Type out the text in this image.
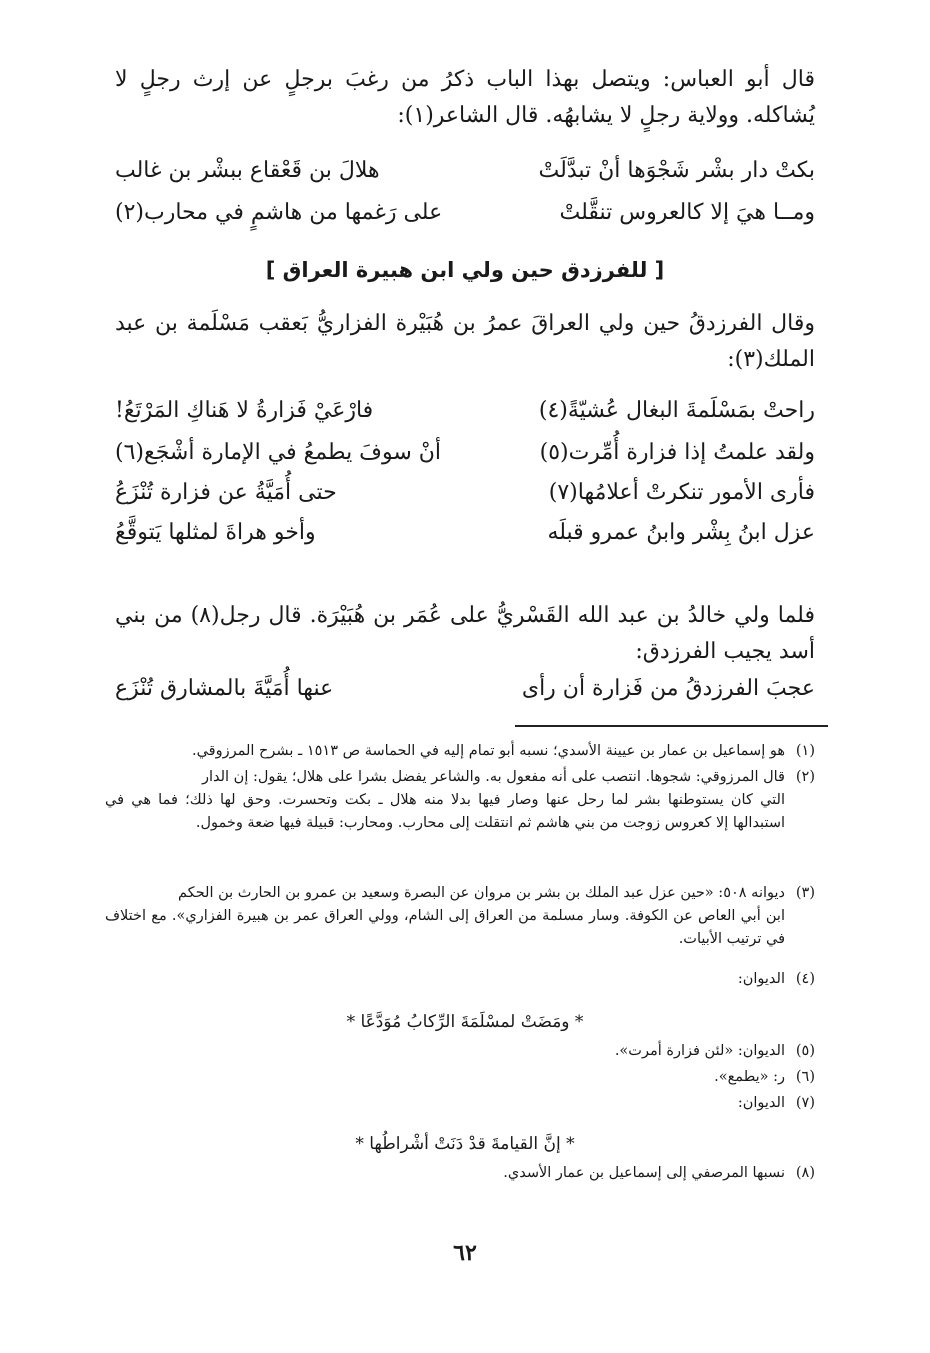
قال أبو العباس: ويتصل بهذا الباب ذكرُ من رغبَ برجلٍ عن إرث رجلٍ لا يُشاكله. وولاية رجلٍ لا يشابهُه. قال الشاعر(١):
بكتْ دار بشْر شَجْوَها أنْ تبدَّلَتْ
هلالَ بن قَعْقاع ببشْر بن غالب
ومــا هيَ إلا كالعروس تنقَّلتْ
على رَغمها من هاشمٍ في محارب(٢)
[ للفرزدق حين ولي ابن هبيرة العراق ]
وقال الفرزدقُ حين ولي العراقَ عمرُ بن هُبَيْرة الفزاريُّ بَعقب مَسْلَمة بن عبد الملك(٣):
راحتْ بمَسْلَمةَ البغال عُشيّةً(٤)
فارْعَيْ فَزارةُ لا هَناكِ المَرْتَعُ!
ولقد علمتُ إذا فزارة أُمِّرت(٥)
أنْ سوفَ يطمعُ في الإمارة أشْجَع(٦)
فأرى الأمور تنكرتْ أعلامُها(٧)
حتى أُمَيَّةُ عن فزارة تُنْزَعُ
عزل ابنُ بِشْر وابنُ عمرو قبلَه
وأخو هراةَ لمثلها يَتوقَّعُ
فلما ولي خالدُ بن عبد الله القَسْريُّ على عُمَر بن هُبَيْرَة. قال رجل(٨) من بني أسد يجيب الفرزدق:
عجبَ الفرزدقُ من فَزارة أن رأى
عنها أُمَيَّةَ بالمشارق تُنْزَع
(١)هو إسماعيل بن عمار بن عيينة الأسدي؛ نسبه أبو تمام إليه في الحماسة ص ١٥١٣ ـ بشرح المرزوقي.
(٢)قال المرزوقي: شجوها. انتصب على أنه مفعول به. والشاعر يفضل بشرا على هلال؛ يقول: إن الدار
التي كان يستوطنها بشر لما رحل عنها وصار فيها بدلا منه هلال ـ بكت وتحسرت. وحق لها ذلك؛ فما هي في استبدالها إلا كعروس زوجت من بني هاشم ثم انتقلت إلى محارب. ومحارب: قبيلة فيها ضعة وخمول.
(٣)ديوانه ٥٠٨: «حين عزل عبد الملك بن بشر بن مروان عن البصرة وسعيد بن عمرو بن الحارث بن الحكم
ابن أبي العاص عن الكوفة. وسار مسلمة من العراق إلى الشام، وولي العراق عمر بن هبيرة الفزاري». مع اختلاف في ترتيب الأبيات.
(٤)الديوان:
* ومَضَتْ لمسْلَمَةَ الرِّكابُ مُوَدَّعًا *
(٥)الديوان: «لئن فزارة أمرت».
(٦)ر: «يطمع».
(٧)الديوان:
* إنَّ القيامةَ قدْ دَنَتْ أشْراطُها *
(٨)نسبها المرصفي إلى إسماعيل بن عمار الأسدي.
٦٢
